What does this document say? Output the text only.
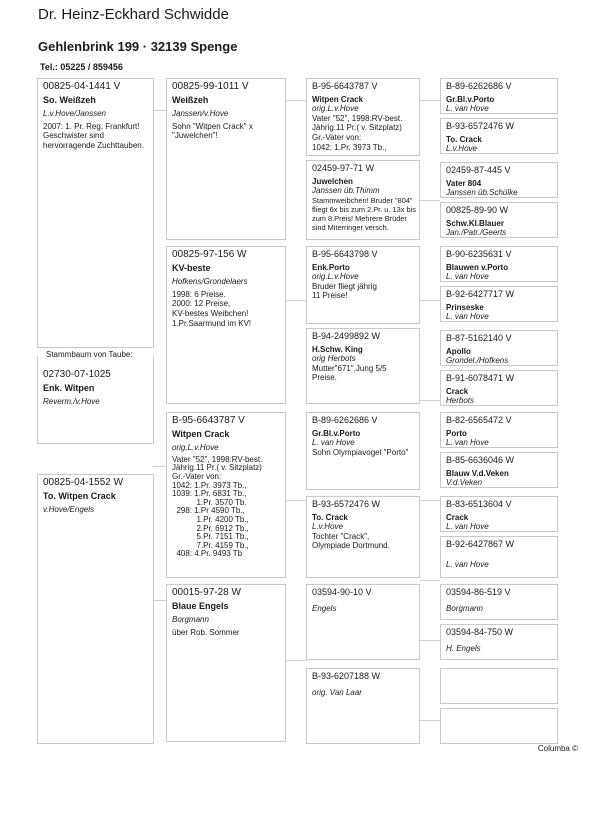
Dr. Heinz-Eckhard Schwidde
Gehlenbrink 199 · 32139 Spenge
Tel.: 05225 / 859456
00825-04-1441 V
So. Weißzeh
L.v.Hove/Janssen
2007: 1. Pr. Reg. Frankfurt!
Geschwister sind
hervorragende Zuchttauben.
Stammbaum von Taube:
02730-07-1025
Enk. Witpen
Reverm./v.Hove
00825-04-1552 W
To. Witpen Crack
v.Hove/Engels
00825-99-1011 V
Weißzeh
Janssen/v.Hove
Sohn "Witpen Crack" x
"Juwelchen"!
00825-97-156 W
KV-beste
Hofkens/Grondelaers
1998: 6 Preise.
2000: 12 Preise,
KV-bestes Weibchen!
1.Pr.Saarmund im KV!
B-95-6643787 V
Witpen Crack
orig.L.v.Hove
Vater "52", 1998:RV-best.
Jährig.11 Pr.( v. Sitzplatz)
Gr.-Vater von:
1042: 1.Pr. 3973 Tb.,
1039: 1.Pr. 6831 Tb.,
1.Pr. 3570 Tb.
298: 1.Pr 4590 Tb.,
1.Pr. 4200 Tb.,
2.Pr. 6912 Tb.,
5.Pr. 7151 Tb.,
7.Pr. 4159 Tb.,
408: 4.Pr. 9493 Tb
00015-97-28 W
Blaue Engels
Borgmann
über Rob. Sommer
B-95-6643787 V
Witpen Crack
orig.L.v.Hove
Vater "52", 1998:RV-best.
Jährig.11 Pr.( v. Sitzplatz)
Gr.-Vater von:
1042: 1.Pr. 3973 Tb.,
02459-97-71 W
Juwelchen
Janssen üb.Thimm
Stammweibchen! Bruder "804"
fliegt 6x bis zum 2.Pr. u. 13x bis
zum 8.Preis! Mehrere Brüder
sind Miterringer versch.
B-95-6643798 V
Enk.Porto
orig.L.v.Hove
Bruder fliegt jährig
11 Preise!
B-94-2499892 W
H.Schw. King
orig Herbots
Mutter"671",Jung 5/5
Preise.
B-89-6262686 V
Gr.Bl.v.Porto
L. van Hove
Sohn Olympiavogel "Porto"
B-93-6572476 W
To. Crack
L.v.Hove
Tochter "Crack",
Olympiade Dortmund.
03594-90-10 V
Engels
B-93-6207188 W
orig. Van Laar
B-89-6262686 V
Gr.Bl.v.Porto
L. van Hove
B-93-6572476 W
To. Crack
L.v.Hove
02459-87-445 V
Vater 804
Janssen üb.Schülke
00825-89-90 W
Schw.Kl.Blauer
Jan./Patr./Geerts
B-90-6235631 V
Blauwen v.Porto
L. van Hove
B-92-6427717 W
Prinseske
L. van Hove
B-87-5162140 V
Apollo
Grondel./Hofkens
B-91-6078471 W
Crack
Herbots
B-82-6565472 V
Porto
L. van Hove
B-85-6636046 W
Blauw V.d.Veken
V.d.Veken
B-83-6513604 V
Crack
L. van Hove
B-92-6427867 W
L. van Hove
03594-86-519 V
Borgmann
03594-84-750 W
H. Engels
Columba ©
